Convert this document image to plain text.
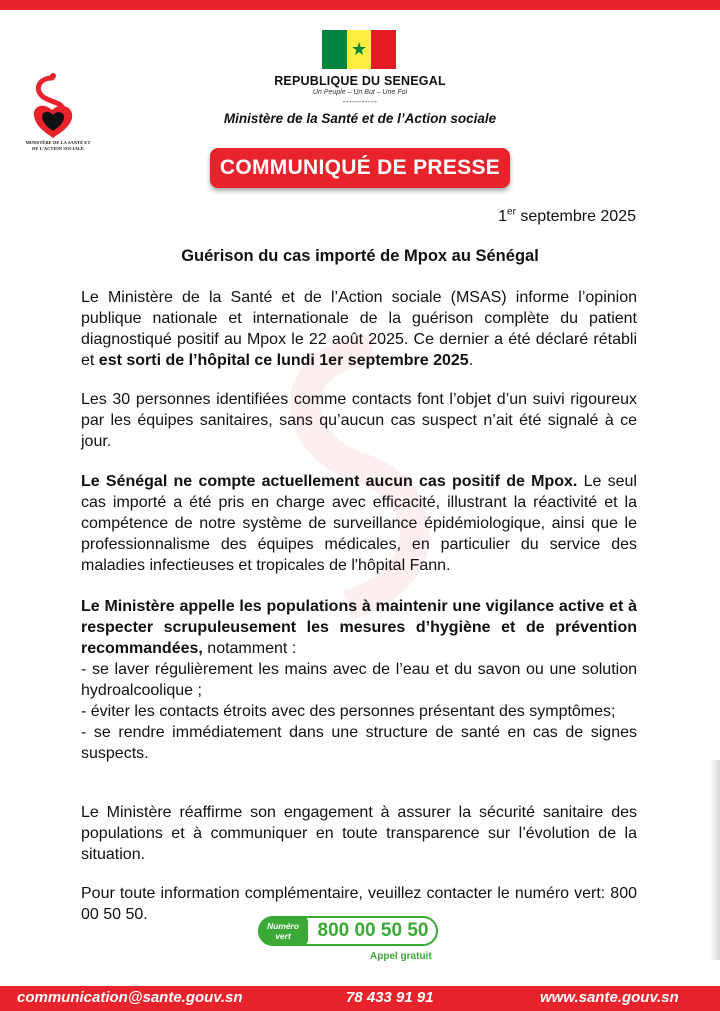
MINISTÈRE DE LA SANTÉ ET DE L’ACTION SOCIALE
★
REPUBLIQUE DU SENEGAL
Un Peuple – Un But – Une Foi
-----------
Ministère de la Santé et de l’Action sociale
COMMUNIQUÉ DE PRESSE
1er septembre 2025
Guérison du cas importé de Mpox au Sénégal
Le Ministère de la Santé et de l’Action sociale (MSAS) informe l’opinion publique nationale et internationale de la guérison complète du patient diagnostiqué positif au Mpox le 22 août 2025. Ce dernier a été déclaré rétabli et est sorti de l’hôpital ce lundi 1er septembre 2025.
Les 30 personnes identifiées comme contacts font l’objet d’un suivi rigoureux par les équipes sanitaires, sans qu’aucun cas suspect n’ait été signalé à ce jour.
Le Sénégal ne compte actuellement aucun cas positif de Mpox. Le seul cas importé a été pris en charge avec efficacité, illustrant la réactivité et la compétence de notre système de surveillance épidémiologique, ainsi que le professionnalisme des équipes médicales, en particulier du service des maladies infectieuses et tropicales de l'hôpital Fann.
Le Ministère appelle les populations à maintenir une vigilance active et à respecter scrupuleusement les mesures d’hygiène et de prévention recommandées, notamment :
- se laver régulièrement les mains avec de l’eau et du savon ou une solution hydroalcoolique ;
- éviter les contacts étroits avec des personnes présentant des symptômes;
- se rendre immédiatement dans une structure de santé en cas de signes suspects.
Le Ministère réaffirme son engagement à assurer la sécurité sanitaire des populations et à communiquer en toute transparence sur l’évolution de la situation.
Pour toute information complémentaire, veuillez contacter le numéro vert: 800 00 50 50.
Numéro vert	800 00 50 50
Appel gratuit
communication@sante.gouv.sn	78 433 91 91	www.sante.gouv.sn
